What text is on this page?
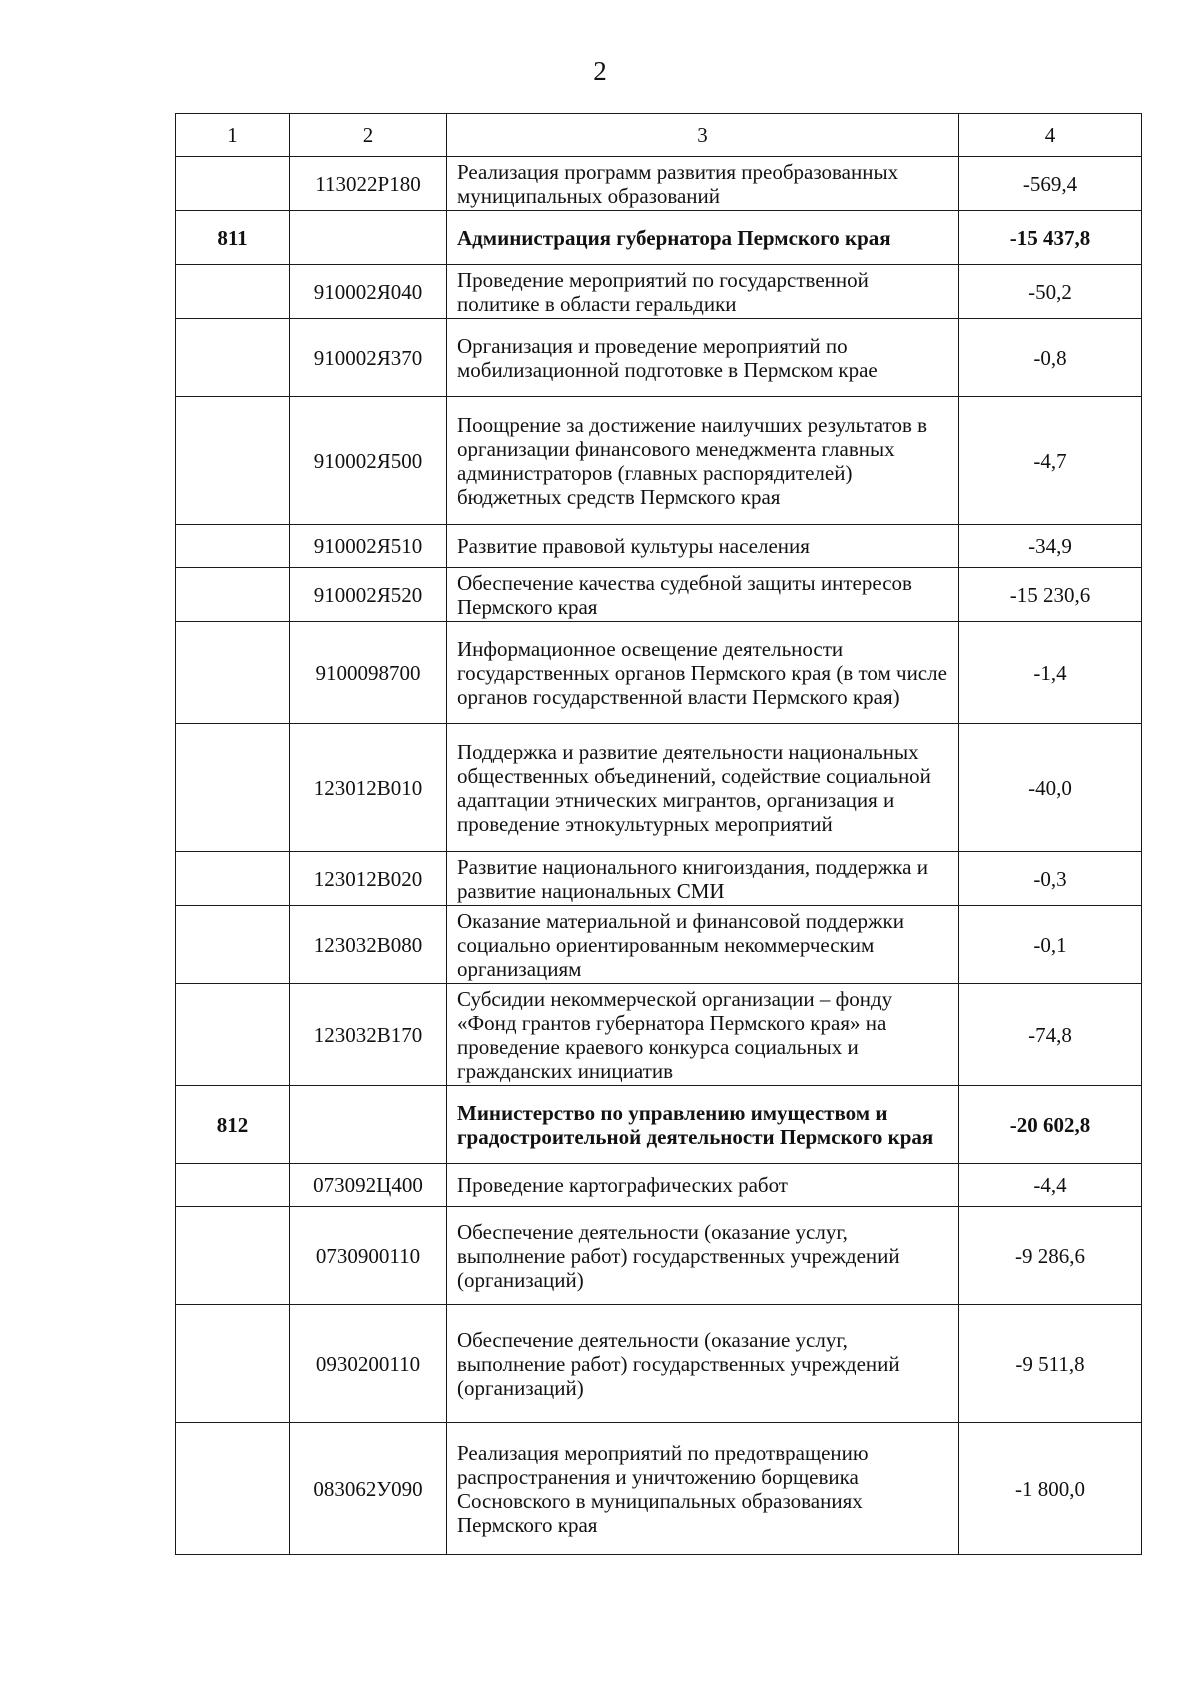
2
1	2	3	4
	113022P180	Реализация программ развития преобразованных муниципальных образований	-569,4
811		Администрация губернатора Пермского края	-15 437,8
	910002Я040	Проведение мероприятий по государственной политике в области геральдики	-50,2
	910002Я370	Организация и проведение мероприятий по мобилизационной подготовке в Пермском крае	-0,8
	910002Я500	Поощрение за достижение наилучших результатов в организации финансового менеджмента главных администраторов (главных распорядителей) бюджетных средств Пермского края	-4,7
	910002Я510	Развитие правовой культуры населения	-34,9
	910002Я520	Обеспечение качества судебной защиты интересов Пермского края	-15 230,6
	9100098700	Информационное освещение деятельности государственных органов Пермского края (в том числе органов государственной власти Пермского края)	-1,4
	123012B010	Поддержка и развитие деятельности национальных общественных объединений, содействие социальной адаптации этнических мигрантов, организация и проведение этнокультурных мероприятий	-40,0
	123012B020	Развитие национального книгоиздания, поддержка и развитие национальных СМИ	-0,3
	123032B080	Оказание материальной и финансовой поддержки социально ориентированным некоммерческим организациям	-0,1
	123032B170	Субсидии некоммерческой организации – фонду «Фонд грантов губернатора Пермского края» на проведение краевого конкурса социальных и гражданских инициатив	-74,8
812		Министерство по управлению имуществом и градостроительной деятельности Пермского края	-20 602,8
	073092Ц400	Проведение картографических работ	-4,4
	0730900110	Обеспечение деятельности (оказание услуг, выполнение работ) государственных учреждений (организаций)	-9 286,6
	0930200110	Обеспечение деятельности (оказание услуг, выполнение работ) государственных учреждений (организаций)	-9 511,8
	083062У090	Реализация мероприятий по предотвращению распространения и уничтожению борщевика Сосновского в муниципальных образованиях Пермского края	-1 800,0
